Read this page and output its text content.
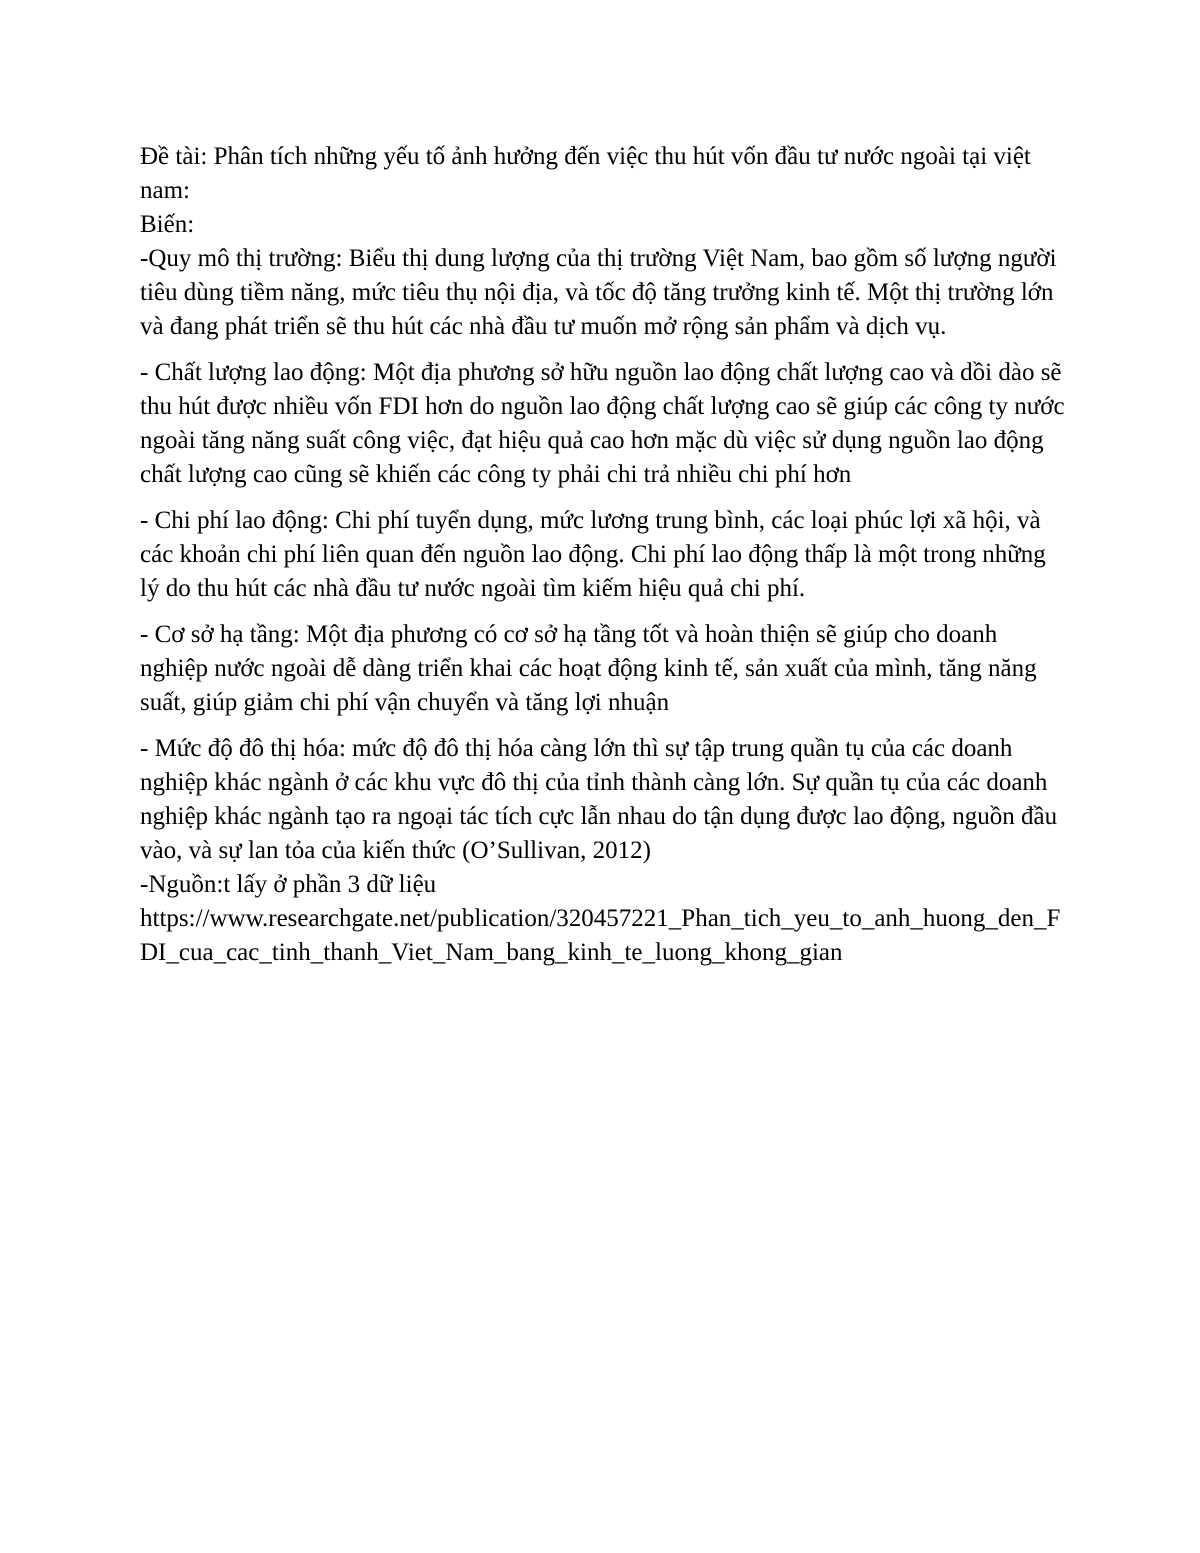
Đề tài: Phân tích những yếu tố ảnh hưởng đến việc thu hút vốn đầu tư nước ngoài tại việt nam:

Biến:

-Quy mô thị trường: Biểu thị dung lượng của thị trường Việt Nam, bao gồm số lượng người tiêu dùng tiềm năng, mức tiêu thụ nội địa, và tốc độ tăng trưởng kinh tế. Một thị trường lớn và đang phát triển sẽ thu hút các nhà đầu tư muốn mở rộng sản phẩm và dịch vụ.

- Chất lượng lao động: Một địa phương sở hữu nguồn lao động chất lượng cao và dồi dào sẽ thu hút được nhiều vốn FDI hơn do nguồn lao động chất lượng cao sẽ giúp các công ty nước ngoài tăng năng suất công việc, đạt hiệu quả cao hơn mặc dù việc sử dụng nguồn lao động chất lượng cao cũng sẽ khiến các công ty phải chi trả nhiều chi phí hơn

- Chi phí lao động: Chi phí tuyển dụng, mức lương trung bình, các loại phúc lợi xã hội, và các khoản chi phí liên quan đến nguồn lao động. Chi phí lao động thấp là một trong những lý do thu hút các nhà đầu tư nước ngoài tìm kiếm hiệu quả chi phí.

- Cơ sở hạ tầng: Một địa phương có cơ sở hạ tầng tốt và hoàn thiện sẽ giúp cho doanh nghiệp nước ngoài dễ dàng triển khai các hoạt động kinh tế, sản xuất của mình, tăng năng suất, giúp giảm chi phí vận chuyển và tăng lợi nhuận

- Mức độ đô thị hóa: mức độ đô thị hóa càng lớn thì sự tập trung quần tụ của các doanh nghiệp khác ngành ở các khu vực đô thị của tỉnh thành càng lớn. Sự quần tụ của các doanh nghiệp khác ngành tạo ra ngoại tác tích cực lẫn nhau do tận dụng được lao động, nguồn đầu vào, và sự lan tỏa của kiến thức (O’Sullivan, 2012)

-Nguồn:t lấy ở phần 3 dữ liệu

https://www.researchgate.net/publication/320457221_Phan_tich_yeu_to_anh_huong_den_FDI_cua_cac_tinh_thanh_Viet_Nam_bang_kinh_te_luong_khong_gian
